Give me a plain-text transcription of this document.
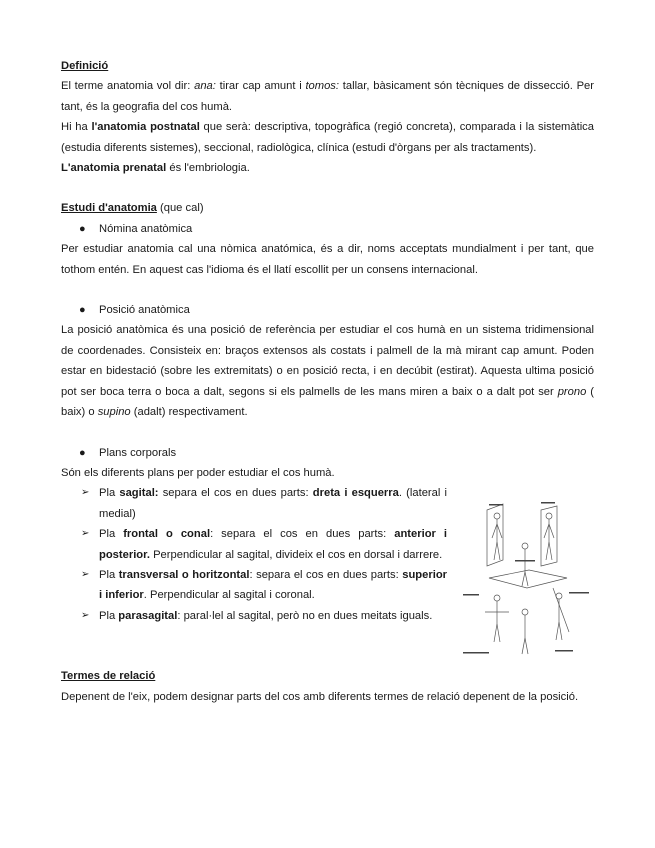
Definició

El terme anatomia vol dir: ana: tirar cap amunt i tomos: tallar, bàsicament són tècniques de dissecció. Per tant, és la geografia del cos humà.

Hi ha l'anatomia postnatal que serà: descriptiva, topogràfica (regió concreta), comparada i la sistemàtica (estudia diferents sistemes), seccional, radiològica, clínica (estudi d'òrgans per als tractaments).

L'anatomia prenatal és l'embriologia.

Estudi d'anatomia (que cal)

● Nómina anatòmica

Per estudiar anatomia cal una nòmica anatómica, és a dir, noms acceptats mundialment i per tant, que tothom entén. En aquest cas l'idioma és el llatí escollit per un consens internacional.

● Posició anatòmica

La posició anatòmica és una posició de referència per estudiar el cos humà en un sistema tridimensional de coordenades. Consisteix en: braços extensos als costats i palmell de la mà mirant cap amunt. Poden estar en bidestació (sobre les extremitats) o en posició recta, i en decúbit (estirat). Aquesta ultima posició pot ser boca terra o boca a dalt, segons si els palmells de les mans miren a baix o a dalt pot ser prono ( baix) o supino (adalt) respectivament.

● Plans corporals

Són els diferents plans per poder estudiar el cos humà.

➢ Pla sagital: separa el cos en dues parts: dreta i esquerra. (lateral i medial)
➢ Pla frontal o conal: separa el cos en dues parts: anterior i posterior. Perpendicular al sagital, divideix el cos en dorsal i darrere.
➢ Pla transversal o horitzontal: separa el cos en dues parts: superior i inferior. Perpendicular al sagital i coronal.
➢ Pla parasagital: paral·lel al sagital, però no en dues meitats iguals.

Termes de relació

Depenent de l'eix, podem designar parts del cos amb diferents termes de relació depenent de la posició.
